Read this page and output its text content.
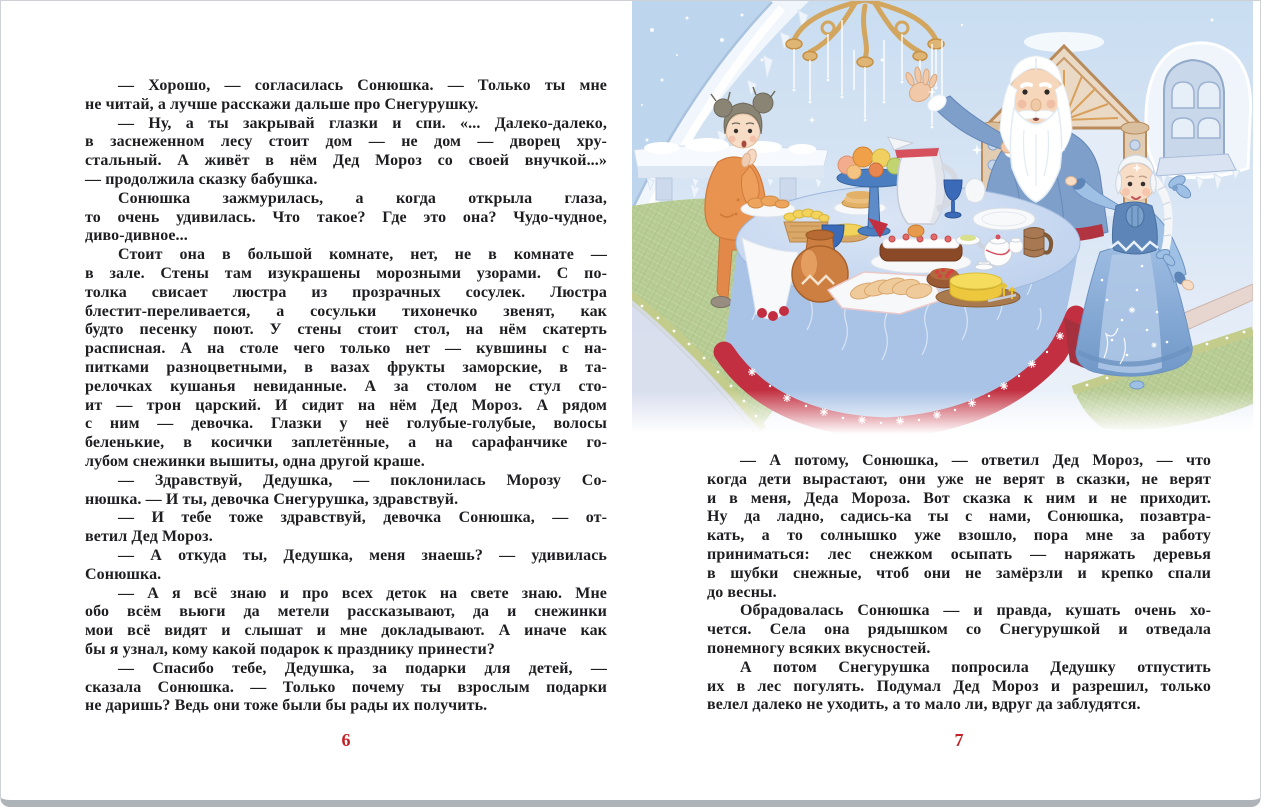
— Хорошо, — согласилась Сонюшка. — Только ты мне
не читай, а лучше расскажи дальше про Снегурушку.
— Ну, а ты закрывай глазки и спи. «... Далеко-далеко,
в заснеженном лесу стоит дом — не дом — дворец хру-
стальный. А живёт в нём Дед Мороз со своей внучкой...»
— продолжила сказку бабушка.
Сонюшка зажмурилась, а когда открыла глаза,
то очень удивилась. Что такое? Где это она? Чудо-чудное,
диво-дивное...
Стоит она в большой комнате, нет, не в комнате —
в зале. Стены там изукрашены морозными узорами. С по-
толка свисает люстра из прозрачных сосулек. Люстра
блестит-переливается, а сосульки тихонечко звенят, как
будто песенку поют. У стены стоит стол, на нём скатерть
расписная. А на столе чего только нет — кувшины с на-
питками разноцветными, в вазах фрукты заморские, в та-
релочках кушанья невиданные. А за столом не стул сто-
ит — трон царский. И сидит на нём Дед Мороз. А рядом
с ним — девочка. Глазки у неё голубые-голубые, волосы
беленькие, в косички заплетённые, а на сарафанчике го-
лубом снежинки вышиты, одна другой краше.
— Здравствуй, Дедушка, — поклонилась Морозу Со-
нюшка. — И ты, девочка Снегурушка, здравствуй.
— И тебе тоже здравствуй, девочка Сонюшка, — от-
ветил Дед Мороз.
— А откуда ты, Дедушка, меня знаешь? — удивилась
Сонюшка.
— А я всё знаю и про всех деток на свете знаю. Мне
обо всём вьюги да метели рассказывают, да и снежинки
мои всё видят и слышат и мне докладывают. А иначе как
бы я узнал, кому какой подарок к празднику принести?
— Спасибо тебе, Дедушка, за подарки для детей, —
сказала Сонюшка. — Только почему ты взрослым подарки
не даришь? Ведь они тоже были бы рады их получить.
6
— А потому, Сонюшка, — ответил Дед Мороз, — что
когда дети вырастают, они уже не верят в сказки, не верят
и в меня, Деда Мороза. Вот сказка к ним и не приходит.
Ну да ладно, садись-ка ты с нами, Сонюшка, позавтра-
кать, а то солнышко уже взошло, пора мне за работу
приниматься: лес снежком осыпать — наряжать деревья
в шубки снежные, чтоб они не замёрзли и крепко спали
до весны.
Обрадовалась Сонюшка — и правда, кушать очень хо-
чется. Села она рядышком со Снегурушкой и отведала
понемногу всяких вкусностей.
А потом Снегурушка попросила Дедушку отпустить
их в лес погулять. Подумал Дед Мороз и разрешил, только
велел далеко не уходить, а то мало ли, вдруг да заблудятся.
7
